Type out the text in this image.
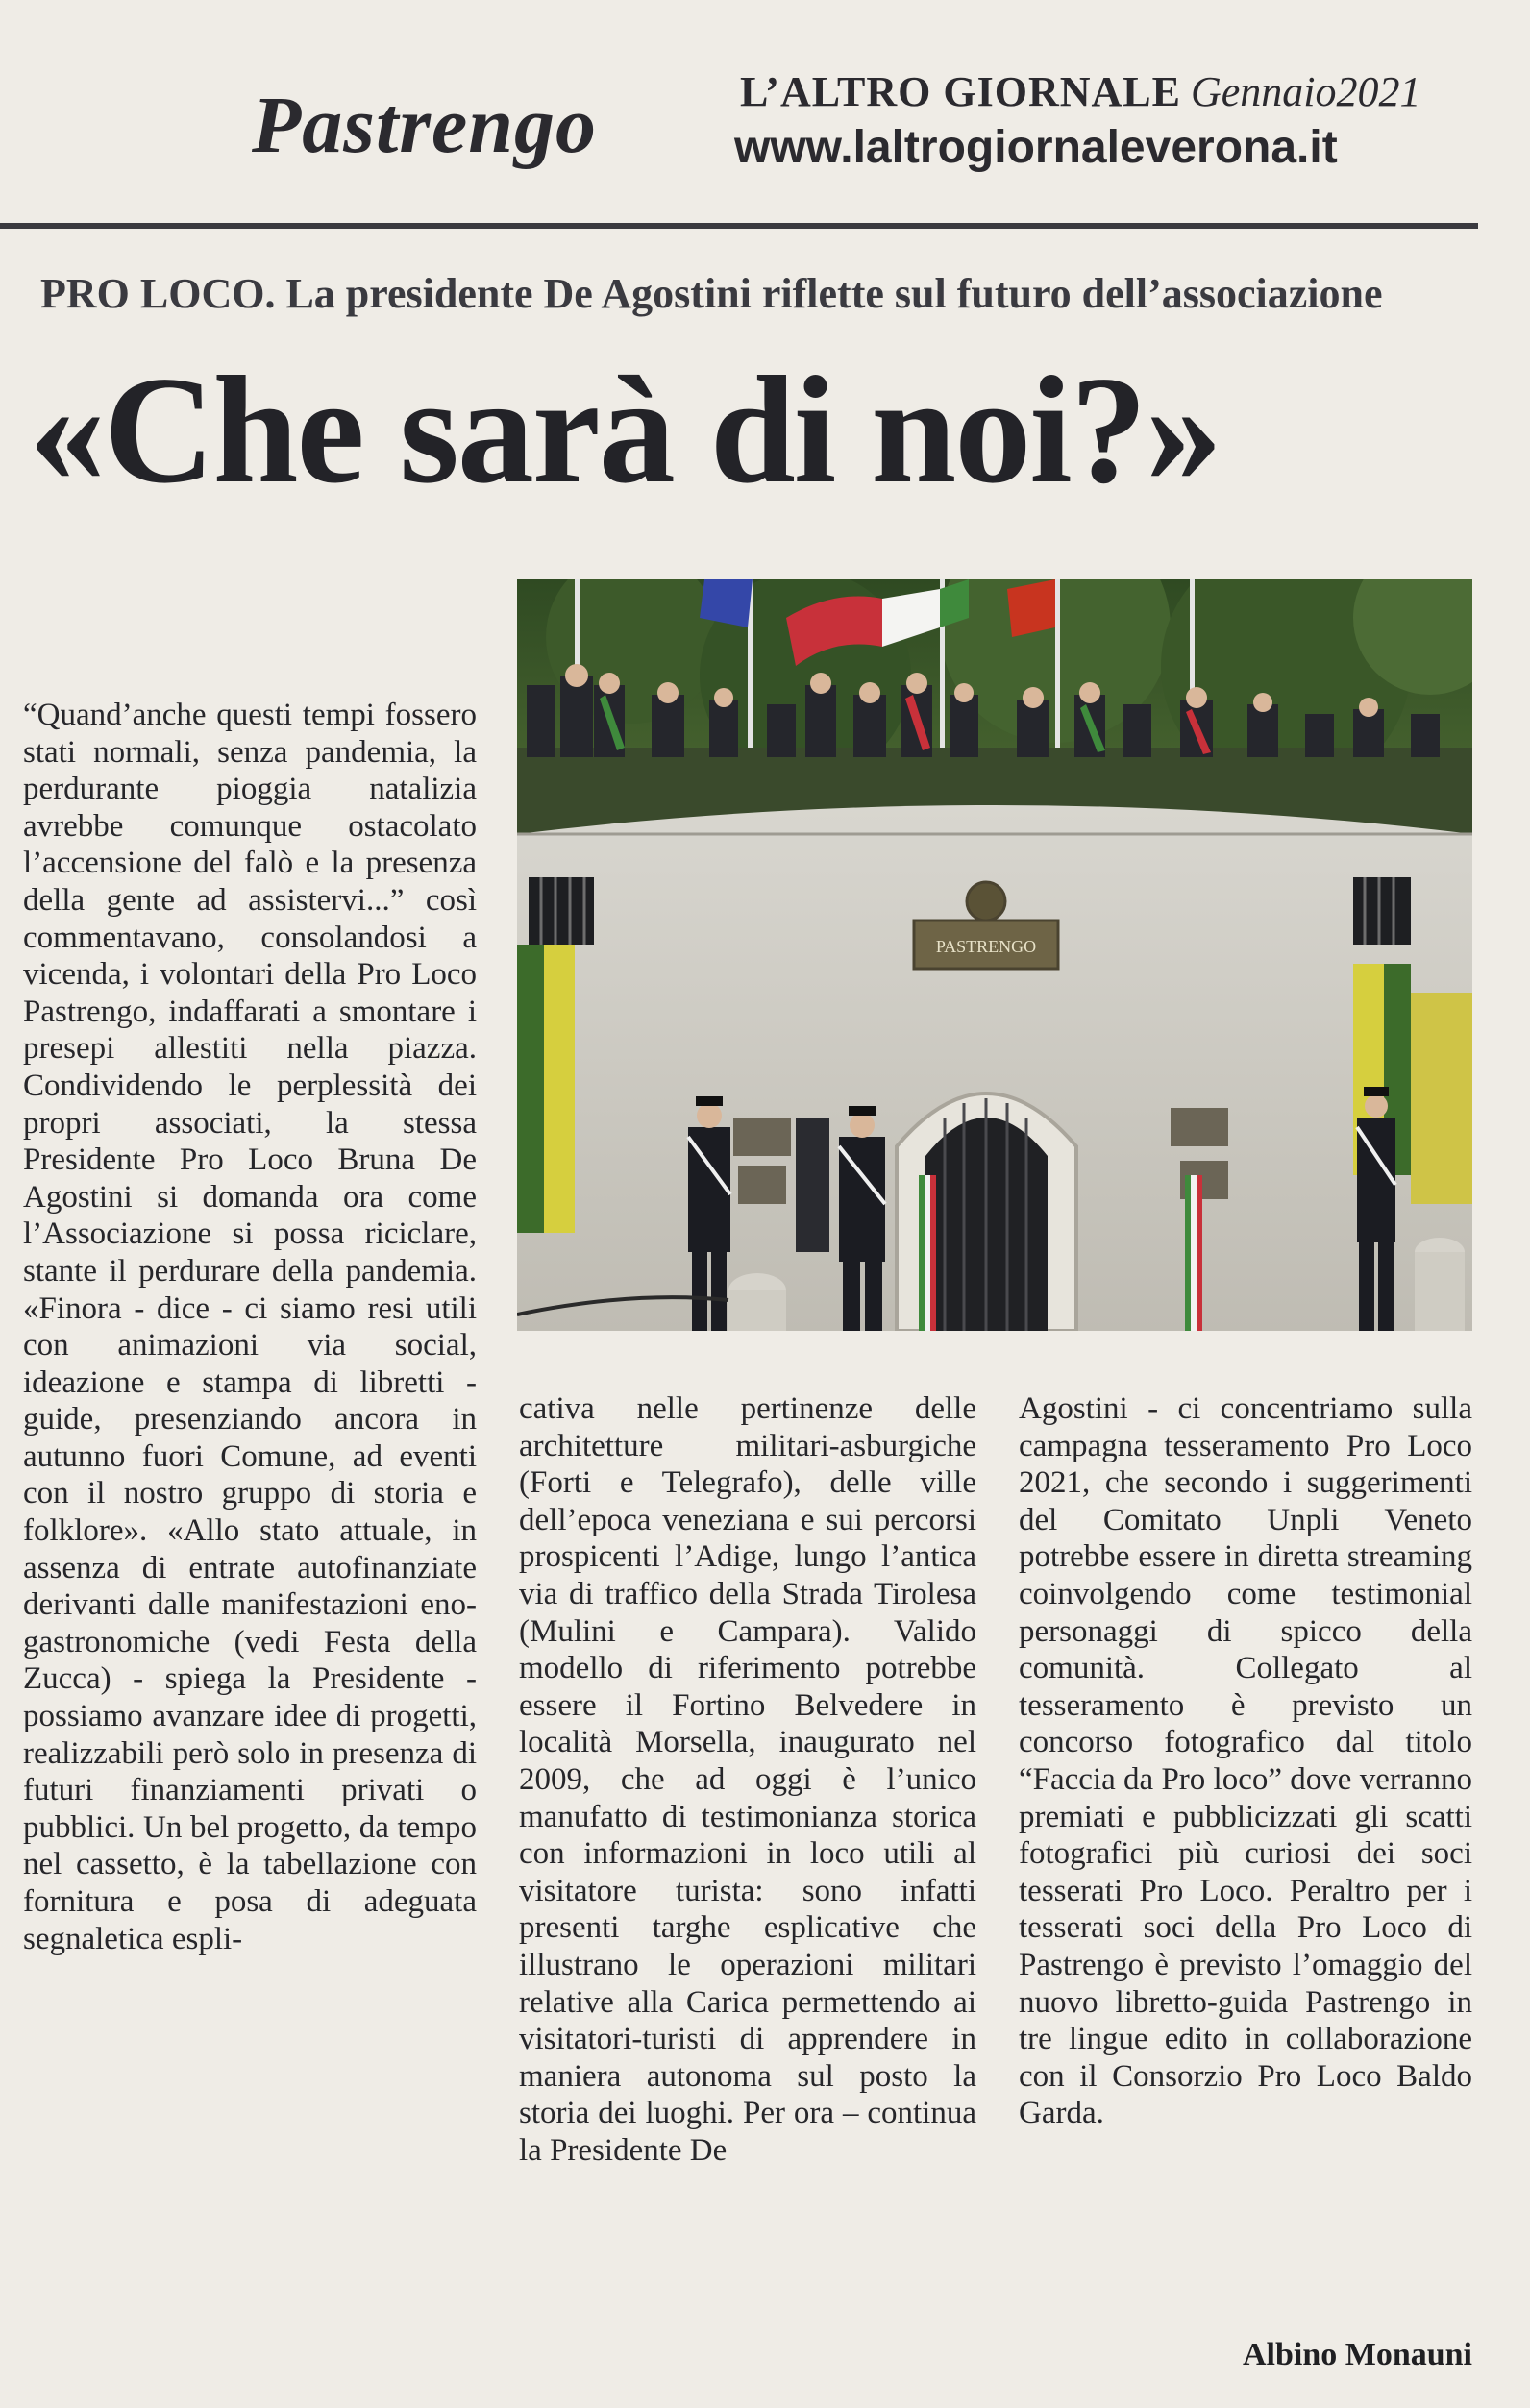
Pastrengo	L’ALTRO GIORNALE Gennaio2021
www.laltrogiornaleverona.it
PRO LOCO. La presidente De Agostini riflette sul futuro dell’associazione
«Che sarà di noi?»
PASTRENGO

“Quand’anche questi tempi fossero stati normali, senza pandemia, la perdurante pioggia natalizia avrebbe comunque ostacolato l’accensione del falò e la presenza della gente ad assistervi...” così commentavano, consolandosi a vicenda, i volontari della Pro Loco Pastrengo, indaffarati a smontare i presepi allestiti nella piazza. Condividendo le perplessità dei propri associati, la stessa Presidente Pro Loco Bruna De Agostini si domanda ora come l’Associazione si possa riciclare, stante il perdurare della pandemia. «Finora - dice - ci siamo resi utili con animazioni via social, ideazione e stampa di libretti - guide, presenziando ancora in autunno fuori Comune, ad eventi con il nostro gruppo di storia e folklore». «Allo stato attuale, in assenza di entrate autofinanziate derivanti dalle manifestazioni eno-gastronomiche (vedi Festa della Zucca) - spiega la Presidente - possiamo avanzare idee di progetti, realizzabili però solo in presenza di futuri finanziamenti privati o pubblici. Un bel progetto, da tempo nel cassetto, è la tabellazione con fornitura e posa di adeguata segnaletica espli-

cativa nelle pertinenze delle architetture militari-asburgiche (Forti e Telegrafo), delle ville dell’epoca veneziana e sui percorsi prospicenti l’Adige, lungo l’antica via di traffico della Strada Tirolesa (Mulini e Campara). Valido modello di riferimento potrebbe essere il Fortino Belvedere in località Morsella, inaugurato nel 2009, che ad oggi è l’unico manufatto di testimonianza storica con informazioni in loco utili al visitatore turista: sono infatti presenti targhe esplicative che illustrano le operazioni militari relative alla Carica permettendo ai visitatori-turisti di apprendere in maniera autonoma sul posto la storia dei luoghi. Per ora – continua la Presidente De

Agostini - ci concentriamo sulla campagna tesseramento Pro Loco 2021, che secondo i suggerimenti del Comitato Unpli Veneto potrebbe essere in diretta streaming coinvolgendo come testimonial personaggi di spicco della comunità. Collegato al tesseramento è previsto un concorso fotografico dal titolo “Faccia da Pro loco” dove verranno premiati e pubblicizzati gli scatti fotografici più curiosi dei soci tesserati Pro Loco. Peraltro per i tesserati soci della Pro Loco di Pastrengo è previsto l’omaggio del nuovo libretto-guida Pastrengo in tre lingue edito in collaborazione con il Consorzio Pro Loco Baldo Garda.

Albino Monauni
